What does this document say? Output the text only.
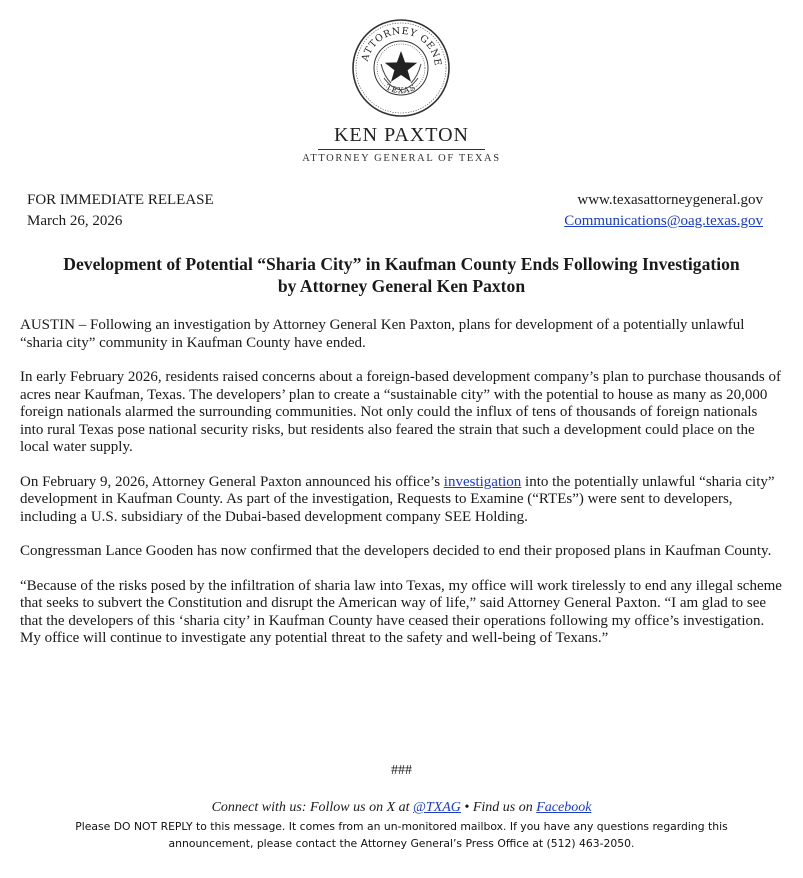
ATTORNEY GENE
TEXAS
KEN PAXTON
ATTORNEY GENERAL OF TEXAS
FOR IMMEDIATE RELEASE
March 26, 2026
www.texasattorneygeneral.gov
Communications@oag.texas.gov
Development of Potential “Sharia City” in Kaufman County Ends Following Investigation
by Attorney General Ken Paxton

AUSTIN – Following an investigation by Attorney General Ken Paxton, plans for development of a potentially unlawful “sharia city” community in Kaufman County have ended.

In early February 2026, residents raised concerns about a foreign-based development company’s plan to purchase thousands of acres near Kaufman, Texas. The developers’ plan to create a “sustainable city” with the potential to house as many as 20,000 foreign nationals alarmed the surrounding communities. Not only could the influx of tens of thousands of foreign nationals into rural Texas pose national security risks, but residents also feared the strain that such a development could place on the local water supply.

On February 9, 2026, Attorney General Paxton announced his office’s investigation into the potentially unlawful “sharia city” development in Kaufman County. As part of the investigation, Requests to Examine (“RTEs”) were sent to developers, including a U.S. subsidiary of the Dubai-based development company SEE Holding.

Congressman Lance Gooden has now confirmed that the developers decided to end their proposed plans in Kaufman County.

“Because of the risks posed by the infiltration of sharia law into Texas, my office will work tirelessly to end any illegal scheme that seeks to subvert the Constitution and disrupt the American way of life,” said Attorney General Paxton. “I am glad to see that the developers of this ‘sharia city’ in Kaufman County have ceased their operations following my office’s investigation. My office will continue to investigate any potential threat to the safety and well-being of Texans.”

###
Connect with us: Follow us on X at @TXAG • Find us on Facebook
Please DO NOT REPLY to this message. It comes from an un-monitored mailbox. If you have any questions regarding this
announcement, please contact the Attorney General’s Press Office at (512) 463-2050.
